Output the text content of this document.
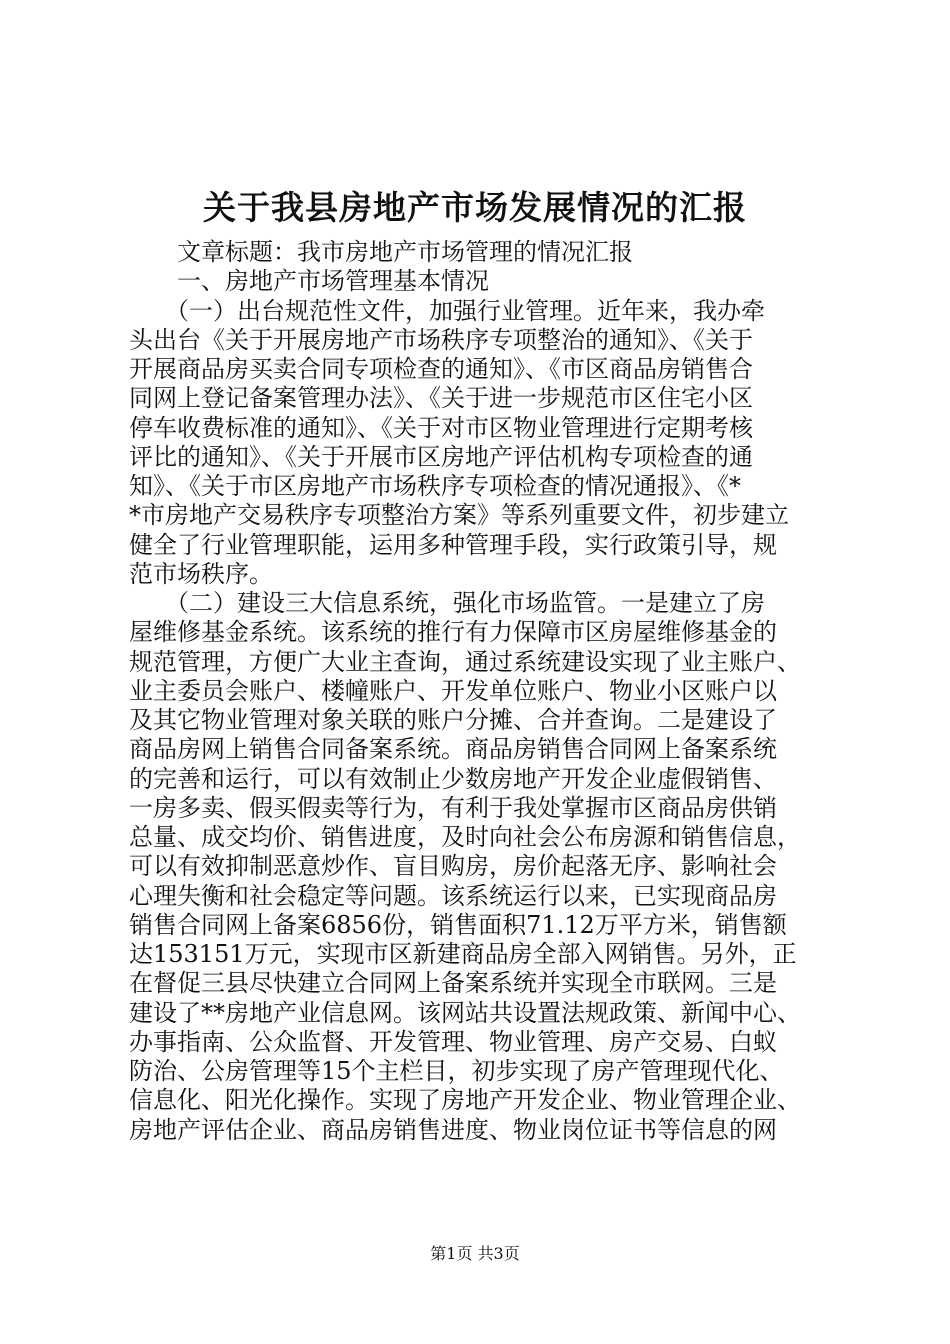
关于我县房地产市场发展情况的汇报
　　文章标题：我市房地产市场管理的情况汇报
　　一、房地产市场管理基本情况
　　（一）出台规范性文件，加强行业管理。近年来，我办牵
头出台《关于开展房地产市场秩序专项整治的通知》、《关于
开展商品房买卖合同专项检查的通知》、《市区商品房销售合
同网上登记备案管理办法》、《关于进一步规范市区住宅小区
停车收费标准的通知》、《关于对市区物业管理进行定期考核
评比的通知》、《关于开展市区房地产评估机构专项检查的通
知》、《关于市区房地产市场秩序专项检查的情况通报》、《*
*市房地产交易秩序专项整治方案》等系列重要文件，初步建立
健全了行业管理职能，运用多种管理手段，实行政策引导，规
范市场秩序。
　　（二）建设三大信息系统，强化市场监管。一是建立了房
屋维修基金系统。该系统的推行有力保障市区房屋维修基金的
规范管理，方便广大业主查询，通过系统建设实现了业主账户、
业主委员会账户、楼幢账户、开发单位账户、物业小区账户以
及其它物业管理对象关联的账户分摊、合并查询。二是建设了
商品房网上销售合同备案系统。商品房销售合同网上备案系统
的完善和运行，可以有效制止少数房地产开发企业虚假销售、
一房多卖、假买假卖等行为，有利于我处掌握市区商品房供销
总量、成交均价、销售进度，及时向社会公布房源和销售信息，
可以有效抑制恶意炒作、盲目购房，房价起落无序、影响社会
心理失衡和社会稳定等问题。该系统运行以来，已实现商品房
销售合同网上备案6856份，销售面积71.12万平方米，销售额
达153151万元，实现市区新建商品房全部入网销售。另外，正
在督促三县尽快建立合同网上备案系统并实现全市联网。三是
建设了**房地产业信息网。该网站共设置法规政策、新闻中心、
办事指南、公众监督、开发管理、物业管理、房产交易、白蚁
防治、公房管理等15个主栏目，初步实现了房产管理现代化、
信息化、阳光化操作。实现了房地产开发企业、物业管理企业、
房地产评估企业、商品房销售进度、物业岗位证书等信息的网
第1页 共3页
